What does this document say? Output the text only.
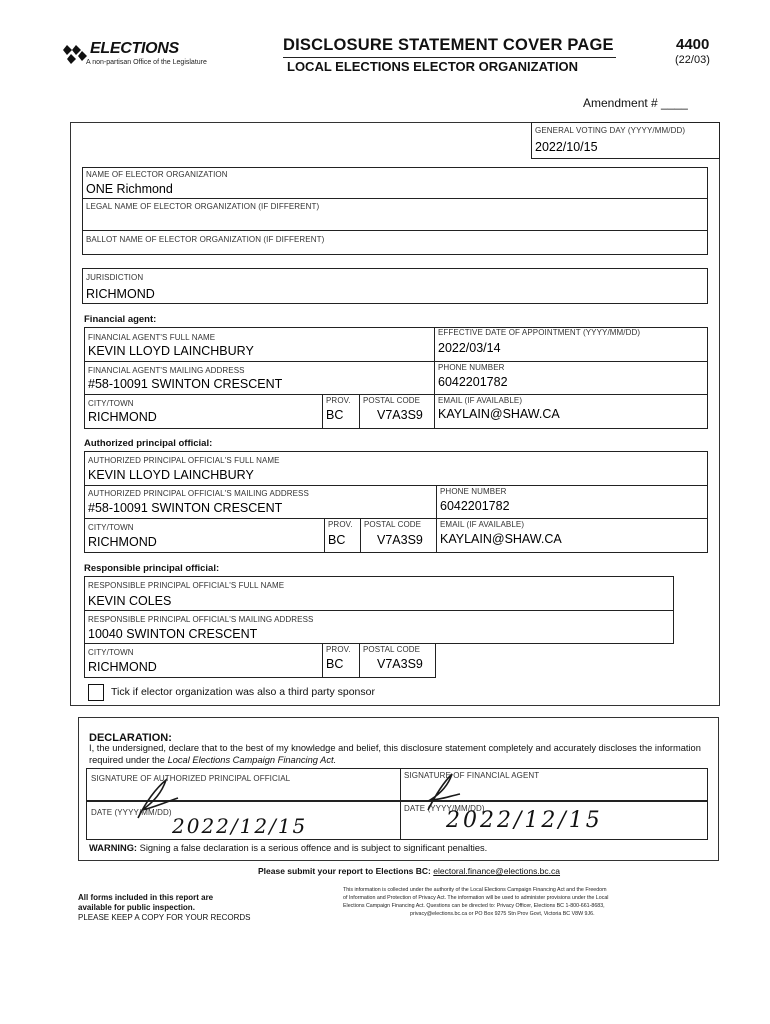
ELECTIONS
A non-partisan Office of the Legislature
DISCLOSURE STATEMENT COVER PAGE
LOCAL ELECTIONS ELECTOR ORGANIZATION
4400
(22/03)
Amendment # ____
GENERAL VOTING DAY (YYYY/MM/DD)
2022/10/15
NAME OF ELECTOR ORGANIZATION
ONE Richmond
LEGAL NAME OF ELECTOR ORGANIZATION (IF DIFFERENT)
BALLOT NAME OF ELECTOR ORGANIZATION (IF DIFFERENT)
JURISDICTION
RICHMOND
Financial agent:
FINANCIAL AGENT'S FULL NAME
KEVIN LLOYD LAINCHBURY
EFFECTIVE DATE OF APPOINTMENT (YYYY/MM/DD)
2022/03/14
FINANCIAL AGENT'S MAILING ADDRESS
#58-10091 SWINTON CRESCENT
PHONE NUMBER
6042201782
CITY/TOWN
RICHMOND
PROV.
BC
POSTAL CODE
V7A3S9
EMAIL (IF AVAILABLE)
KAYLAIN@SHAW.CA
Authorized principal official:
AUTHORIZED PRINCIPAL OFFICIAL'S FULL NAME
KEVIN LLOYD LAINCHBURY
AUTHORIZED PRINCIPAL OFFICIAL'S MAILING ADDRESS
#58-10091 SWINTON CRESCENT
PHONE NUMBER
6042201782
CITY/TOWN
RICHMOND
PROV.
BC
POSTAL CODE
V7A3S9
EMAIL (IF AVAILABLE)
KAYLAIN@SHAW.CA
Responsible principal official:
RESPONSIBLE PRINCIPAL OFFICIAL'S FULL NAME
KEVIN COLES
RESPONSIBLE PRINCIPAL OFFICIAL'S MAILING ADDRESS
10040 SWINTON CRESCENT
CITY/TOWN
RICHMOND
PROV.
BC
POSTAL CODE
V7A3S9
Tick if elector organization was also a third party sponsor
DECLARATION:
I, the undersigned, declare that to the best of my knowledge and belief, this disclosure statement completely and accurately discloses the information
required under the Local Elections Campaign Financing Act.
SIGNATURE OF AUTHORIZED PRINCIPAL OFFICIAL	SIGNATURE OF FINANCIAL AGENT
DATE (YYYY/MM/DD)	DATE (YYYY/MM/DD)
2022/12/15	2022/12/15
WARNING: Signing a false declaration is a serious offence and is subject to significant penalties.
Please submit your report to Elections BC: electoral.finance@elections.bc.ca
All forms included in this report are
available for public inspection.
PLEASE KEEP A COPY FOR YOUR RECORDS
This information is collected under the authority of the Local Elections Campaign Financing Act and the Freedom
of Information and Protection of Privacy Act. The information will be used to administer provisions under the Local
Elections Campaign Financing Act. Questions can be directed to: Privacy Officer, Elections BC 1-800-661-8683,
privacy@elections.bc.ca or PO Box 9275 Stn Prov Govt, Victoria BC V8W 9J6.
